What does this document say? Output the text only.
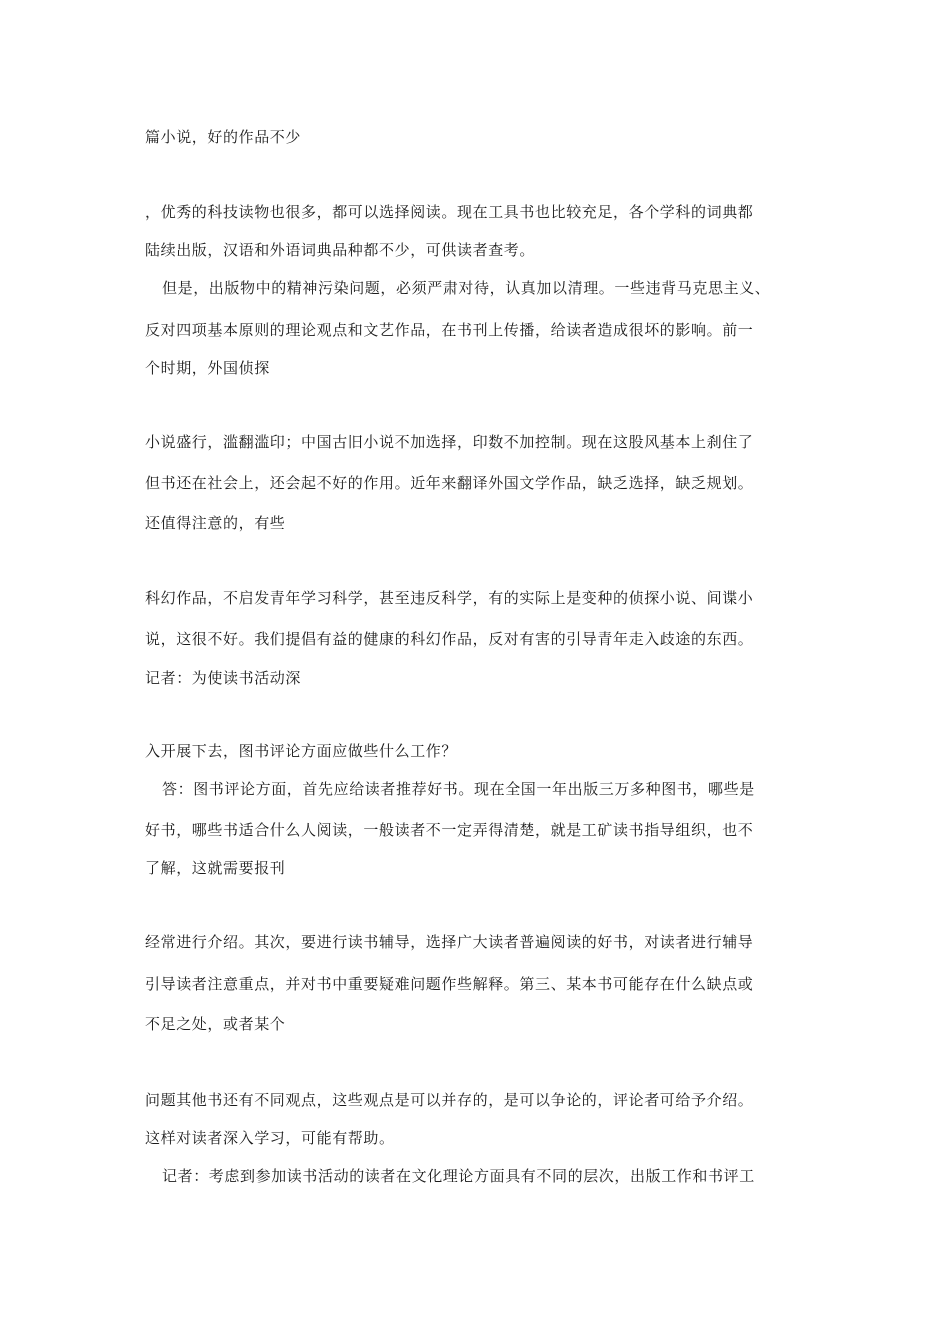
篇小说，好的作品不少
，优秀的科技读物也很多，都可以选择阅读。现在工具书也比较充足，各个学科的词典都
陆续出版，汉语和外语词典品种都不少，可供读者查考。
但是，出版物中的精神污染问题，必须严肃对待，认真加以清理。一些违背马克思主义、
反对四项基本原则的理论观点和文艺作品，在书刊上传播，给读者造成很坏的影响。前一
个时期，外国侦探
小说盛行，滥翻滥印；中国古旧小说不加选择，印数不加控制。现在这股风基本上刹住了
但书还在社会上，还会起不好的作用。近年来翻译外国文学作品，缺乏选择，缺乏规划。
还值得注意的，有些
科幻作品，不启发青年学习科学，甚至违反科学，有的实际上是变种的侦探小说、间谍小
说，这很不好。我们提倡有益的健康的科幻作品，反对有害的引导青年走入歧途的东西。
记者：为使读书活动深
入开展下去，图书评论方面应做些什么工作？
答：图书评论方面，首先应给读者推荐好书。现在全国一年出版三万多种图书，哪些是
好书，哪些书适合什么人阅读，一般读者不一定弄得清楚，就是工矿读书指导组织，也不
了解，这就需要报刊
经常进行介绍。其次，要进行读书辅导，选择广大读者普遍阅读的好书，对读者进行辅导
引导读者注意重点，并对书中重要疑难问题作些解释。第三、某本书可能存在什么缺点或
不足之处，或者某个
问题其他书还有不同观点，这些观点是可以并存的，是可以争论的，评论者可给予介绍。
这样对读者深入学习，可能有帮助。
记者：考虑到参加读书活动的读者在文化理论方面具有不同的层次，出版工作和书评工
